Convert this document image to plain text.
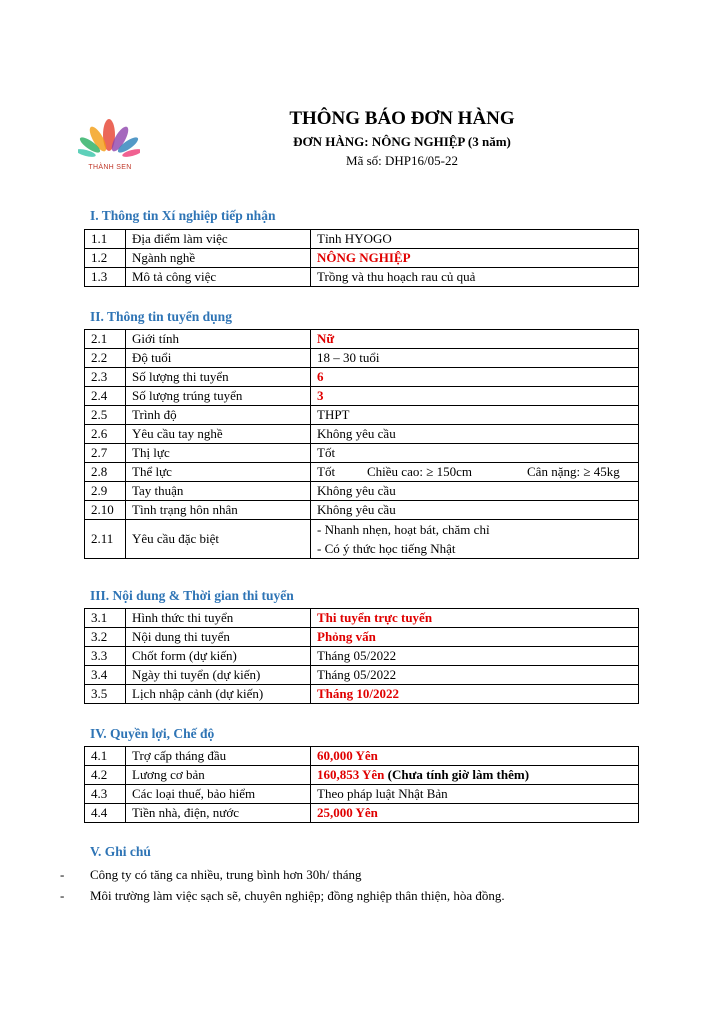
THÀNH SEN
THÔNG BÁO ĐƠN HÀNG
ĐƠN HÀNG: NÔNG NGHIỆP (3 năm)
Mã số: DHP16/05-22
I. Thông tin Xí nghiệp tiếp nhận
1.1	Địa điểm làm việc	Tỉnh HYOGO
1.2	Ngành nghề	NÔNG NGHIỆP
1.3	Mô tả công việc	Trồng và thu hoạch rau củ quả
II. Thông tin tuyển dụng
2.1	Giới tính	Nữ
2.2	Độ tuổi	18 – 30 tuổi
2.3	Số lượng thi tuyển	6
2.4	Số lượng trúng tuyển	3
2.5	Trình độ	THPT
2.6	Yêu cầu tay nghề	Không yêu cầu
2.7	Thị lực	Tốt
2.8	Thể lực	Tốt Chiều cao: ≥ 150cm Cân nặng: ≥ 45kg
2.9	Tay thuận	Không yêu cầu
2.10	Tình trạng hôn nhân	Không yêu cầu
2.11	Yêu cầu đặc biệt	- Nhanh nhẹn, hoạt bát, chăm chỉ
- Có ý thức học tiếng Nhật
III. Nội dung & Thời gian thi tuyển
3.1	Hình thức thi tuyển	Thi tuyển trực tuyến
3.2	Nội dung thi tuyển	Phỏng vấn
3.3	Chốt form (dự kiến)	Tháng 05/2022
3.4	Ngày thi tuyển (dự kiến)	Tháng 05/2022
3.5	Lịch nhập cảnh (dự kiến)	Tháng 10/2022
IV. Quyền lợi, Chế độ
4.1	Trợ cấp tháng đầu	60,000 Yên
4.2	Lương cơ bản	160,853 Yên (Chưa tính giờ làm thêm)
4.3	Các loại thuế, bảo hiểm	Theo pháp luật Nhật Bản
4.4	Tiền nhà, điện, nước	25,000 Yên
V. Ghi chú
- Công ty có tăng ca nhiều, trung bình hơn 30h/ tháng
- Môi trường làm việc sạch sẽ, chuyên nghiệp; đồng nghiệp thân thiện, hòa đồng.
